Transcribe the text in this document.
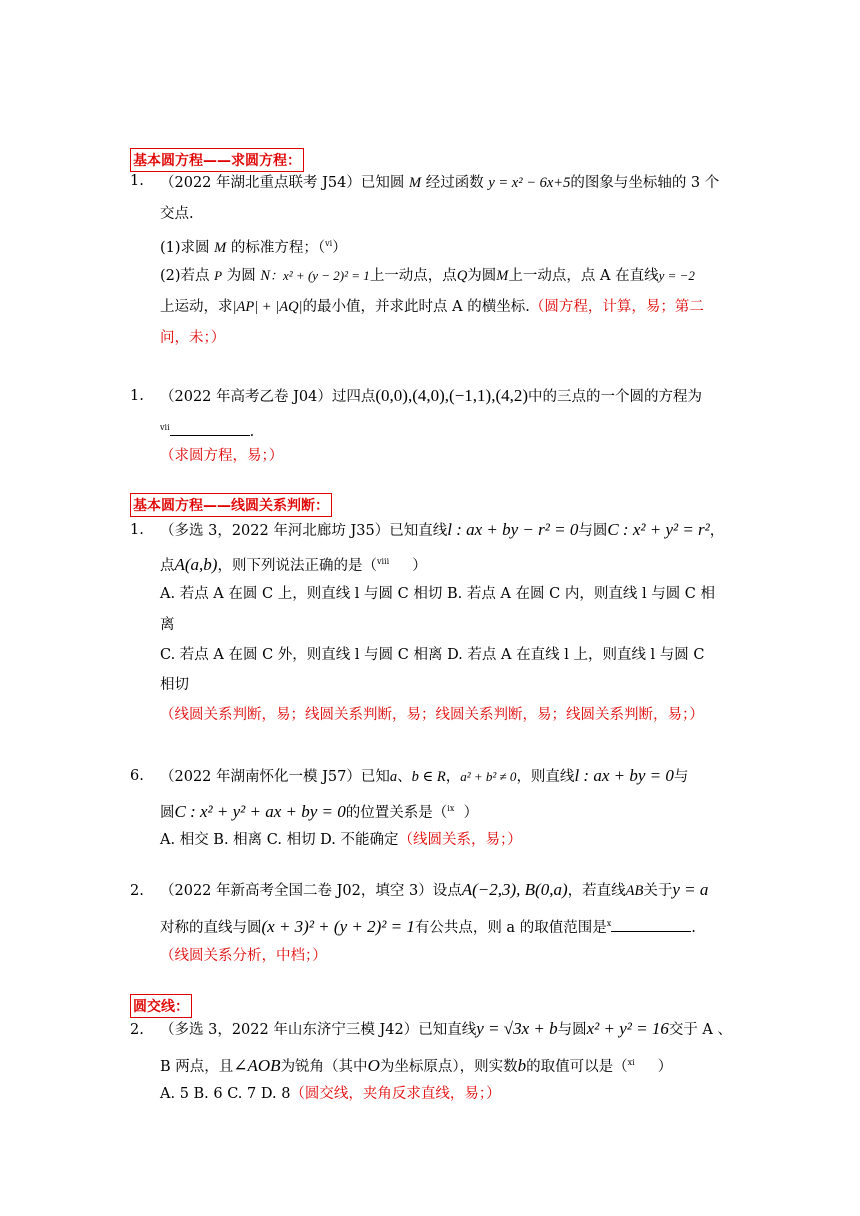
基本圆方程——求圆方程：
1.	（2022 年湖北重点联考 J54）已知圆 M 经过函数 y = x² − 6x+5的图象与坐标轴的 3 个
交点.
(1)求圆 M 的标准方程；（$^{vi}$）
(2)若点 P 为圆 N：x² + (y − 2)² = 1上一动点，点Q为圆M上一动点，点 A 在直线y = −2
上运动，求|AP| + |AQ|的最小值，并求此时点 A 的横坐标.（圆方程，计算，易；第二
问，未；）
1.	（2022 年高考乙卷 J04）过四点(0,0),(4,0),(−1,1),(4,2)中的三点的一个圆的方程为
$^{vii}$	.
（求圆方程，易；）
基本圆方程——线圆关系判断：
1.	（多选 3，2022 年河北廊坊 J35）已知直线l : ax + by − r² = 0与圆C : x² + y² = r²，
点A(a,b)，则下列说法正确的是（$^{viii}$ ）
A. 若点 A 在圆 C 上，则直线 l 与圆 C 相切 B. 若点 A 在圆 C 内，则直线 l 与圆 C 相
离
C. 若点 A 在圆 C 外，则直线 l 与圆 C 相离 D. 若点 A 在直线 l 上，则直线 l 与圆 C
相切
（线圆关系判断，易；线圆关系判断，易；线圆关系判断，易；线圆关系判断，易；）
6.	（2022 年湖南怀化一模 J57）已知a、b ∈ R，a² + b² ≠ 0，则直线l : ax + by = 0与
圆C : x² + y² + ax + by = 0的位置关系是（$^{ix}$ ）
A. 相交 B. 相离 C. 相切 D. 不能确定（线圆关系，易；）
2.	（2022 年新高考全国二卷 J02，填空 3）设点A(−2,3), B(0,a)，若直线AB关于y = a
对称的直线与圆(x + 3)² + (y + 2)² = 1有公共点，则 a 的取值范围是$^x$	.
（线圆关系分析，中档；）
圆交线：
2.	（多选 3，2022 年山东济宁三模 J42）已知直线y = √3x + b与圆x² + y² = 16交于 A 、
B 两点，且∠AOB为锐角（其中O为坐标原点），则实数b的取值可以是（$^{xi}$ ）
A. 5 B. 6 C. 7 D. 8（圆交线，夹角反求直线，易；）
